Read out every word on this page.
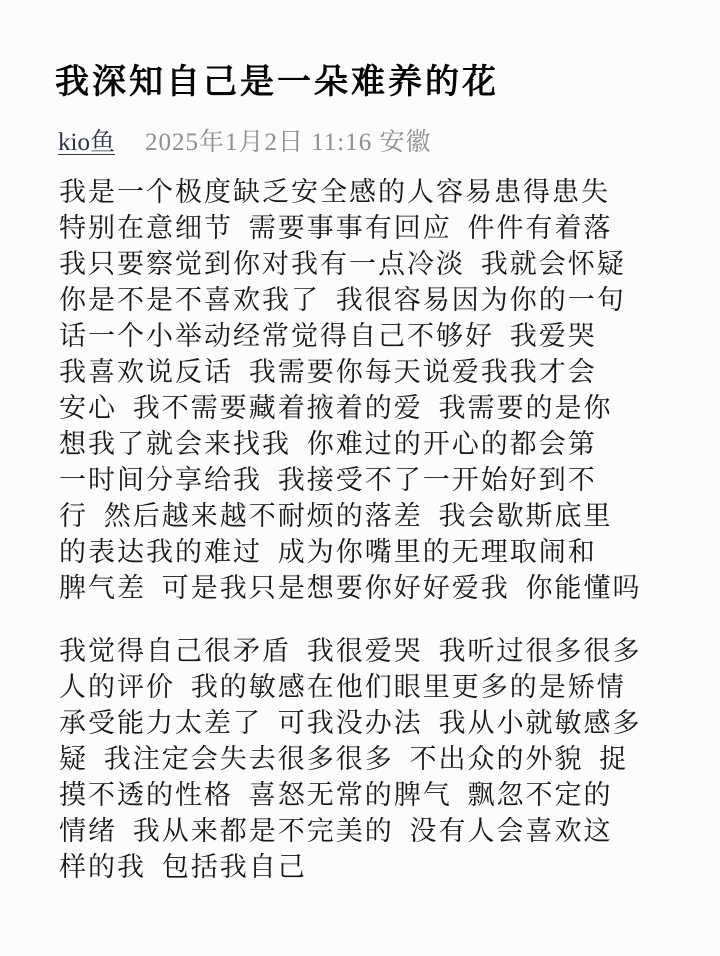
我深知自己是一朵难养的花
kio鱼 2025年1月2日 11:16 安徽

我是一个极度缺乏安全感的人容易患得患失
特别在意细节 需要事事有回应 件件有着落
我只要察觉到你对我有一点冷淡 我就会怀疑
你是不是不喜欢我了 我很容易因为你的一句
话一个小举动经常觉得自己不够好 我爱哭
我喜欢说反话 我需要你每天说爱我我才会
安心 我不需要藏着掖着的爱 我需要的是你
想我了就会来找我 你难过的开心的都会第
一时间分享给我 我接受不了一开始好到不
行 然后越来越不耐烦的落差 我会歇斯底里
的表达我的难过 成为你嘴里的无理取闹和
脾气差 可是我只是想要你好好爱我 你能懂吗

我觉得自己很矛盾 我很爱哭 我听过很多很多
人的评价 我的敏感在他们眼里更多的是矫情
承受能力太差了 可我没办法 我从小就敏感多
疑 我注定会失去很多很多 不出众的外貌 捉
摸不透的性格 喜怒无常的脾气 飘忽不定的
情绪 我从来都是不完美的 没有人会喜欢这
样的我 包括我自己
